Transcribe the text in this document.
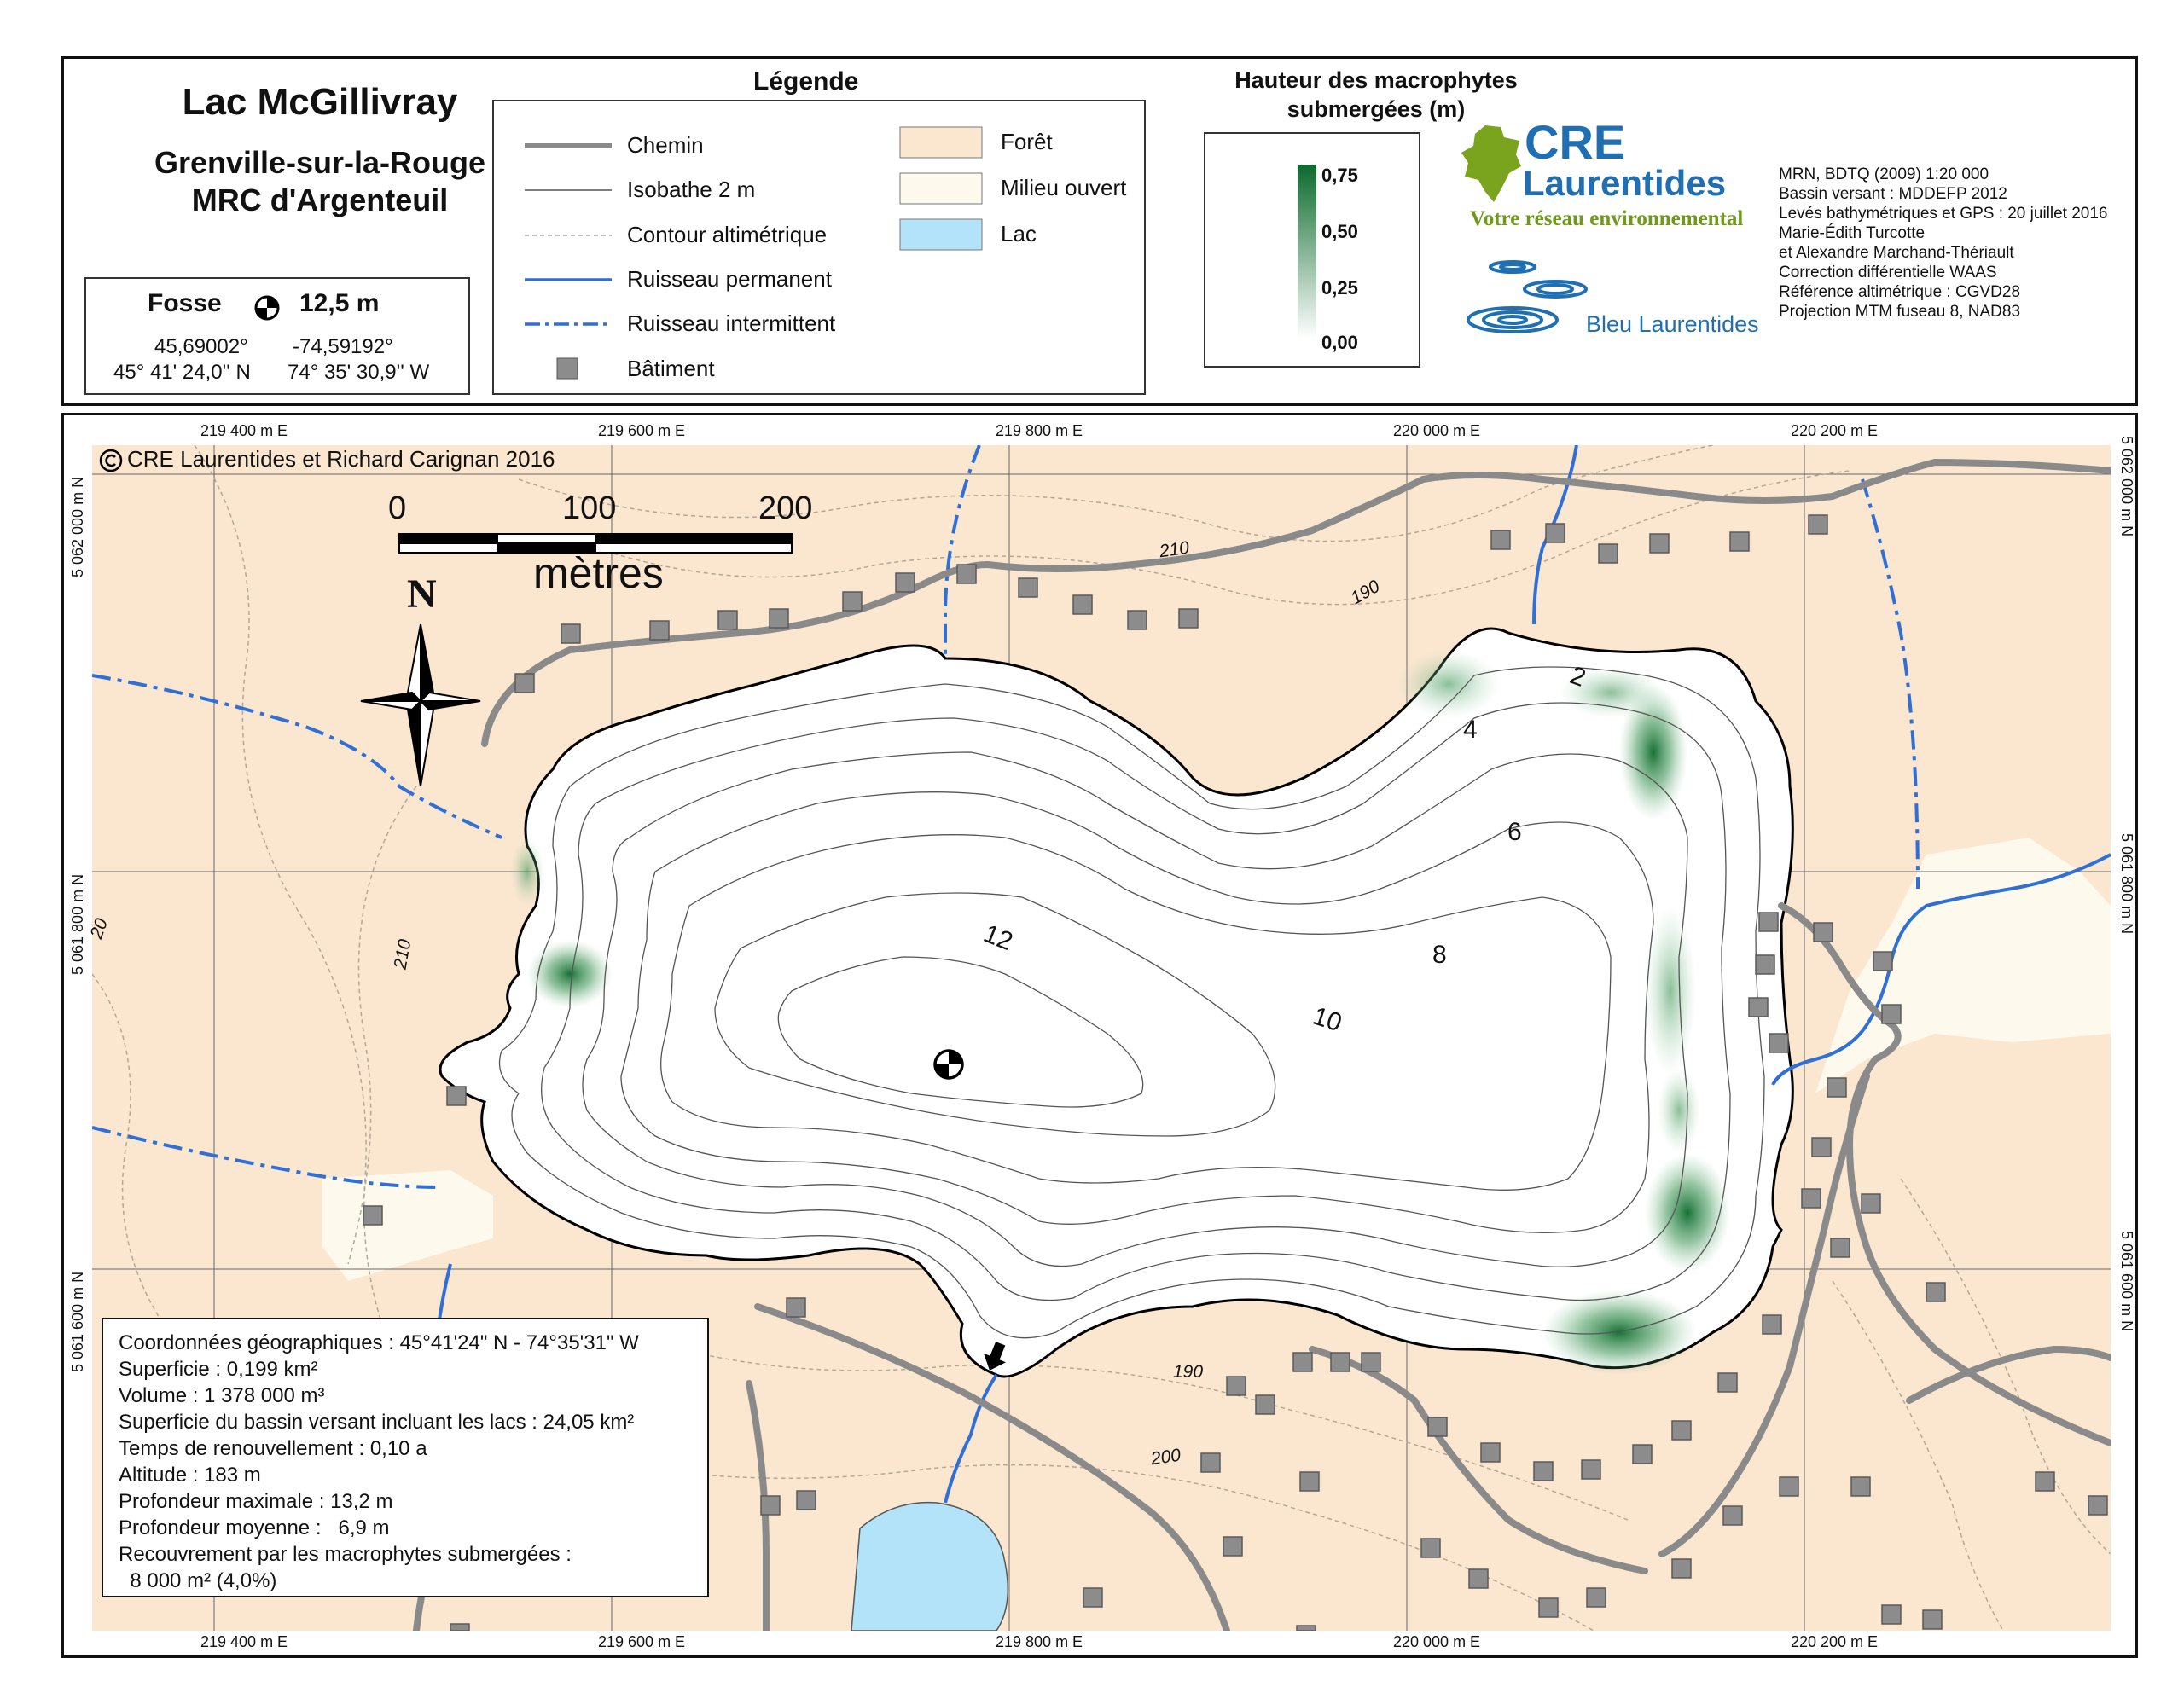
Lac McGillivray
Grenville-sur-la-Rouge
MRC d'Argenteuil
Fosse	12,5 m
45,69002° -74,59192°
45° 41' 24,0'' N 74° 35' 30,9'' W
Légende
Chemin
Isobathe 2 m
Contour altimétrique
Ruisseau permanent
Ruisseau intermittent
Bâtiment
Forêt
Milieu ouvert
Lac
Hauteur des macrophytes
submergées (m)
0,75
0,50
0,25
0,00
CRE
Laurentides
Votre réseau environnemental
Bleu Laurentides
MRN, BDTQ (2009) 1:20 000
Bassin versant : MDDEFP 2012
Levés bathymétriques et GPS : 20 juillet 2016
Marie-Édith Turcotte
et Alexandre Marchand-Thériault
Correction différentielle WAAS
Référence altimétrique : CGVD28
Projection MTM fuseau 8, NAD83
CRE Laurentides et Richard Carignan 2016
0	100	200
mètres
N
219 400 m E	219 600 m E	219 800 m E	220 000 m E	220 200 m E
219 400 m E	219 600 m E	219 800 m E	220 000 m E	220 200 m E
5 062 000 m N
5 061 800 m N
5 061 600 m N
5 062 000 m N
5 061 800 m N
5 061 600 m N
2
4
6
8
10
12
210
190
210
20
190
200
Coordonnées géographiques : 45°41'24" N - 74°35'31" W
Superficie : 0,199 km²
Volume : 1 378 000 m³
Superficie du bassin versant incluant les lacs : 24,05 km²
Temps de renouvellement : 0,10 a
Altitude : 183 m
Profondeur maximale : 13,2 m
Profondeur moyenne :   6,9 m
Recouvrement par les macrophytes submergées :
8 000 m² (4,0%)
